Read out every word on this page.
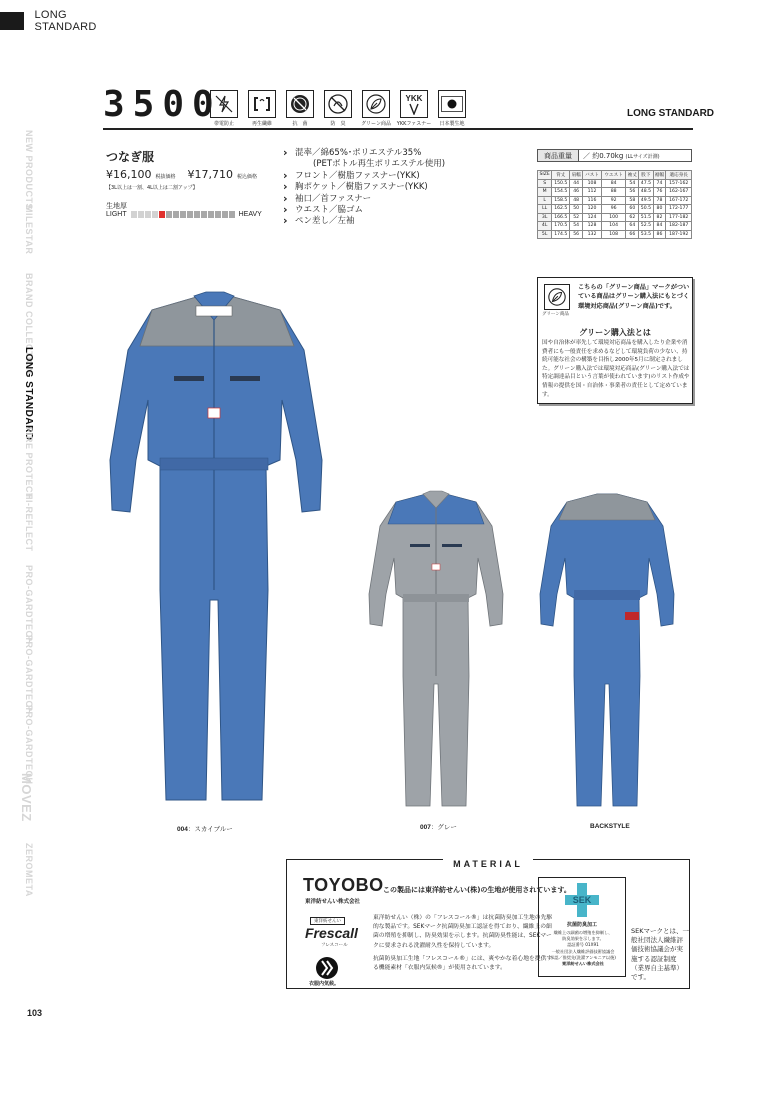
LONG STANDARD
NEW PRODUCTS
MILESTAR
BRAND COLLECTION
LONG STANDARD
FIRE PROTECT
HI-REFLECT
PRO-GARDTECH
PRO-GARDTECH
PRO-GARDTECH
MOVEZ
ZEROMETA
3500
帯電防止	再生繊維	抗　菌	防　臭	グリーン商品
YKK
YKKファスナー 日本製生地
LONG STANDARD
つなぎ服
¥16,100 税抜価格 ¥17,710 税込価格
【3L以上は一割、4L以上は二割アップ】
生地厚
LIGHT	HEAVY
› 混率／綿65%･ポリエステル35%
(PETボトル再生ポリエステル使用)
› フロント／樹脂ファスナー(YKK)
› 胸ポケット／樹脂ファスナー(YKK)
› 袖口／首ファスナー
› ウエスト／脇ゴム
› ペン差し／左袖
商品重量	／ 約0.70kg (LLサイズ計測)
SIZE	背丈	肩幅	バスト	ウエスト	袖丈	股下	裾幅	適応身長
S	150.5	44	108	84	54	47.5	74	157-162
M	154.5	46	112	88	56	48.5	76	162-167
L	158.5	48	116	92	58	49.5	78	167-172
LL	162.5	50	120	96	60	50.5	80	172-177
3L	166.5	52	124	100	62	51.5	82	177-182
4L	170.5	54	128	104	64	52.5	84	182-187
5L	174.5	56	132	108	66	53.5	86	187-192
グリーン商品
こちらの「グリーン商品」マークがついている商品はグリーン購入法にもとづく環境対応商品(グリーン商品)です。
グリーン購入法とは
国や自治体が率先して環境対応商品を購入したり企業や消費者にも一般責任を求めるなどして環境負荷の少ない、持続可能な社会の構築を目指し2000年5月に制定されました。グリーン購入法では環境対応商品(グリーン購入法では特定調達品目という言葉が使われています)のリスト作成や情報の提供を国・自治体・事業者の責任として定めています。
004：スカイブルー	007：グレー	BACKSTYLE
MATERIAL
TOYOBO
東洋紡せんい株式会社
この製品には東洋紡せんい(株)の生地が使用されています。
東洋紡せんい
Frescall
フレスコール
東洋紡せんい（株）の「フレスコール®」は抗菌防臭加工生地の先駆的な製品です。SEKマーク抗菌防臭加工認証を得ており、繊維上の細菌の増殖を抑制し、防臭効果を示します。抗菌防臭性能は、SEKマークに要求される洗濯耐久性を保持しています。
衣服内気候。
抗菌防臭加工生地「フレスコール®」には、爽やかな着心地を提供する機能素材「衣服内気候®」が使用されています。
SEK
抗菌防臭加工
繊維上の細菌の増殖を抑制し、
防臭効果を示します。
認証番号 01X91
一般社団法人繊維評価技術協議会
承認／推奨先(洗濯アンモニア以後)
東洋紡せんい株式会社
SEKマークとは、一般社団法人繊維評価技術協議会が実施する認証制度（業界自主基準）です。
103
